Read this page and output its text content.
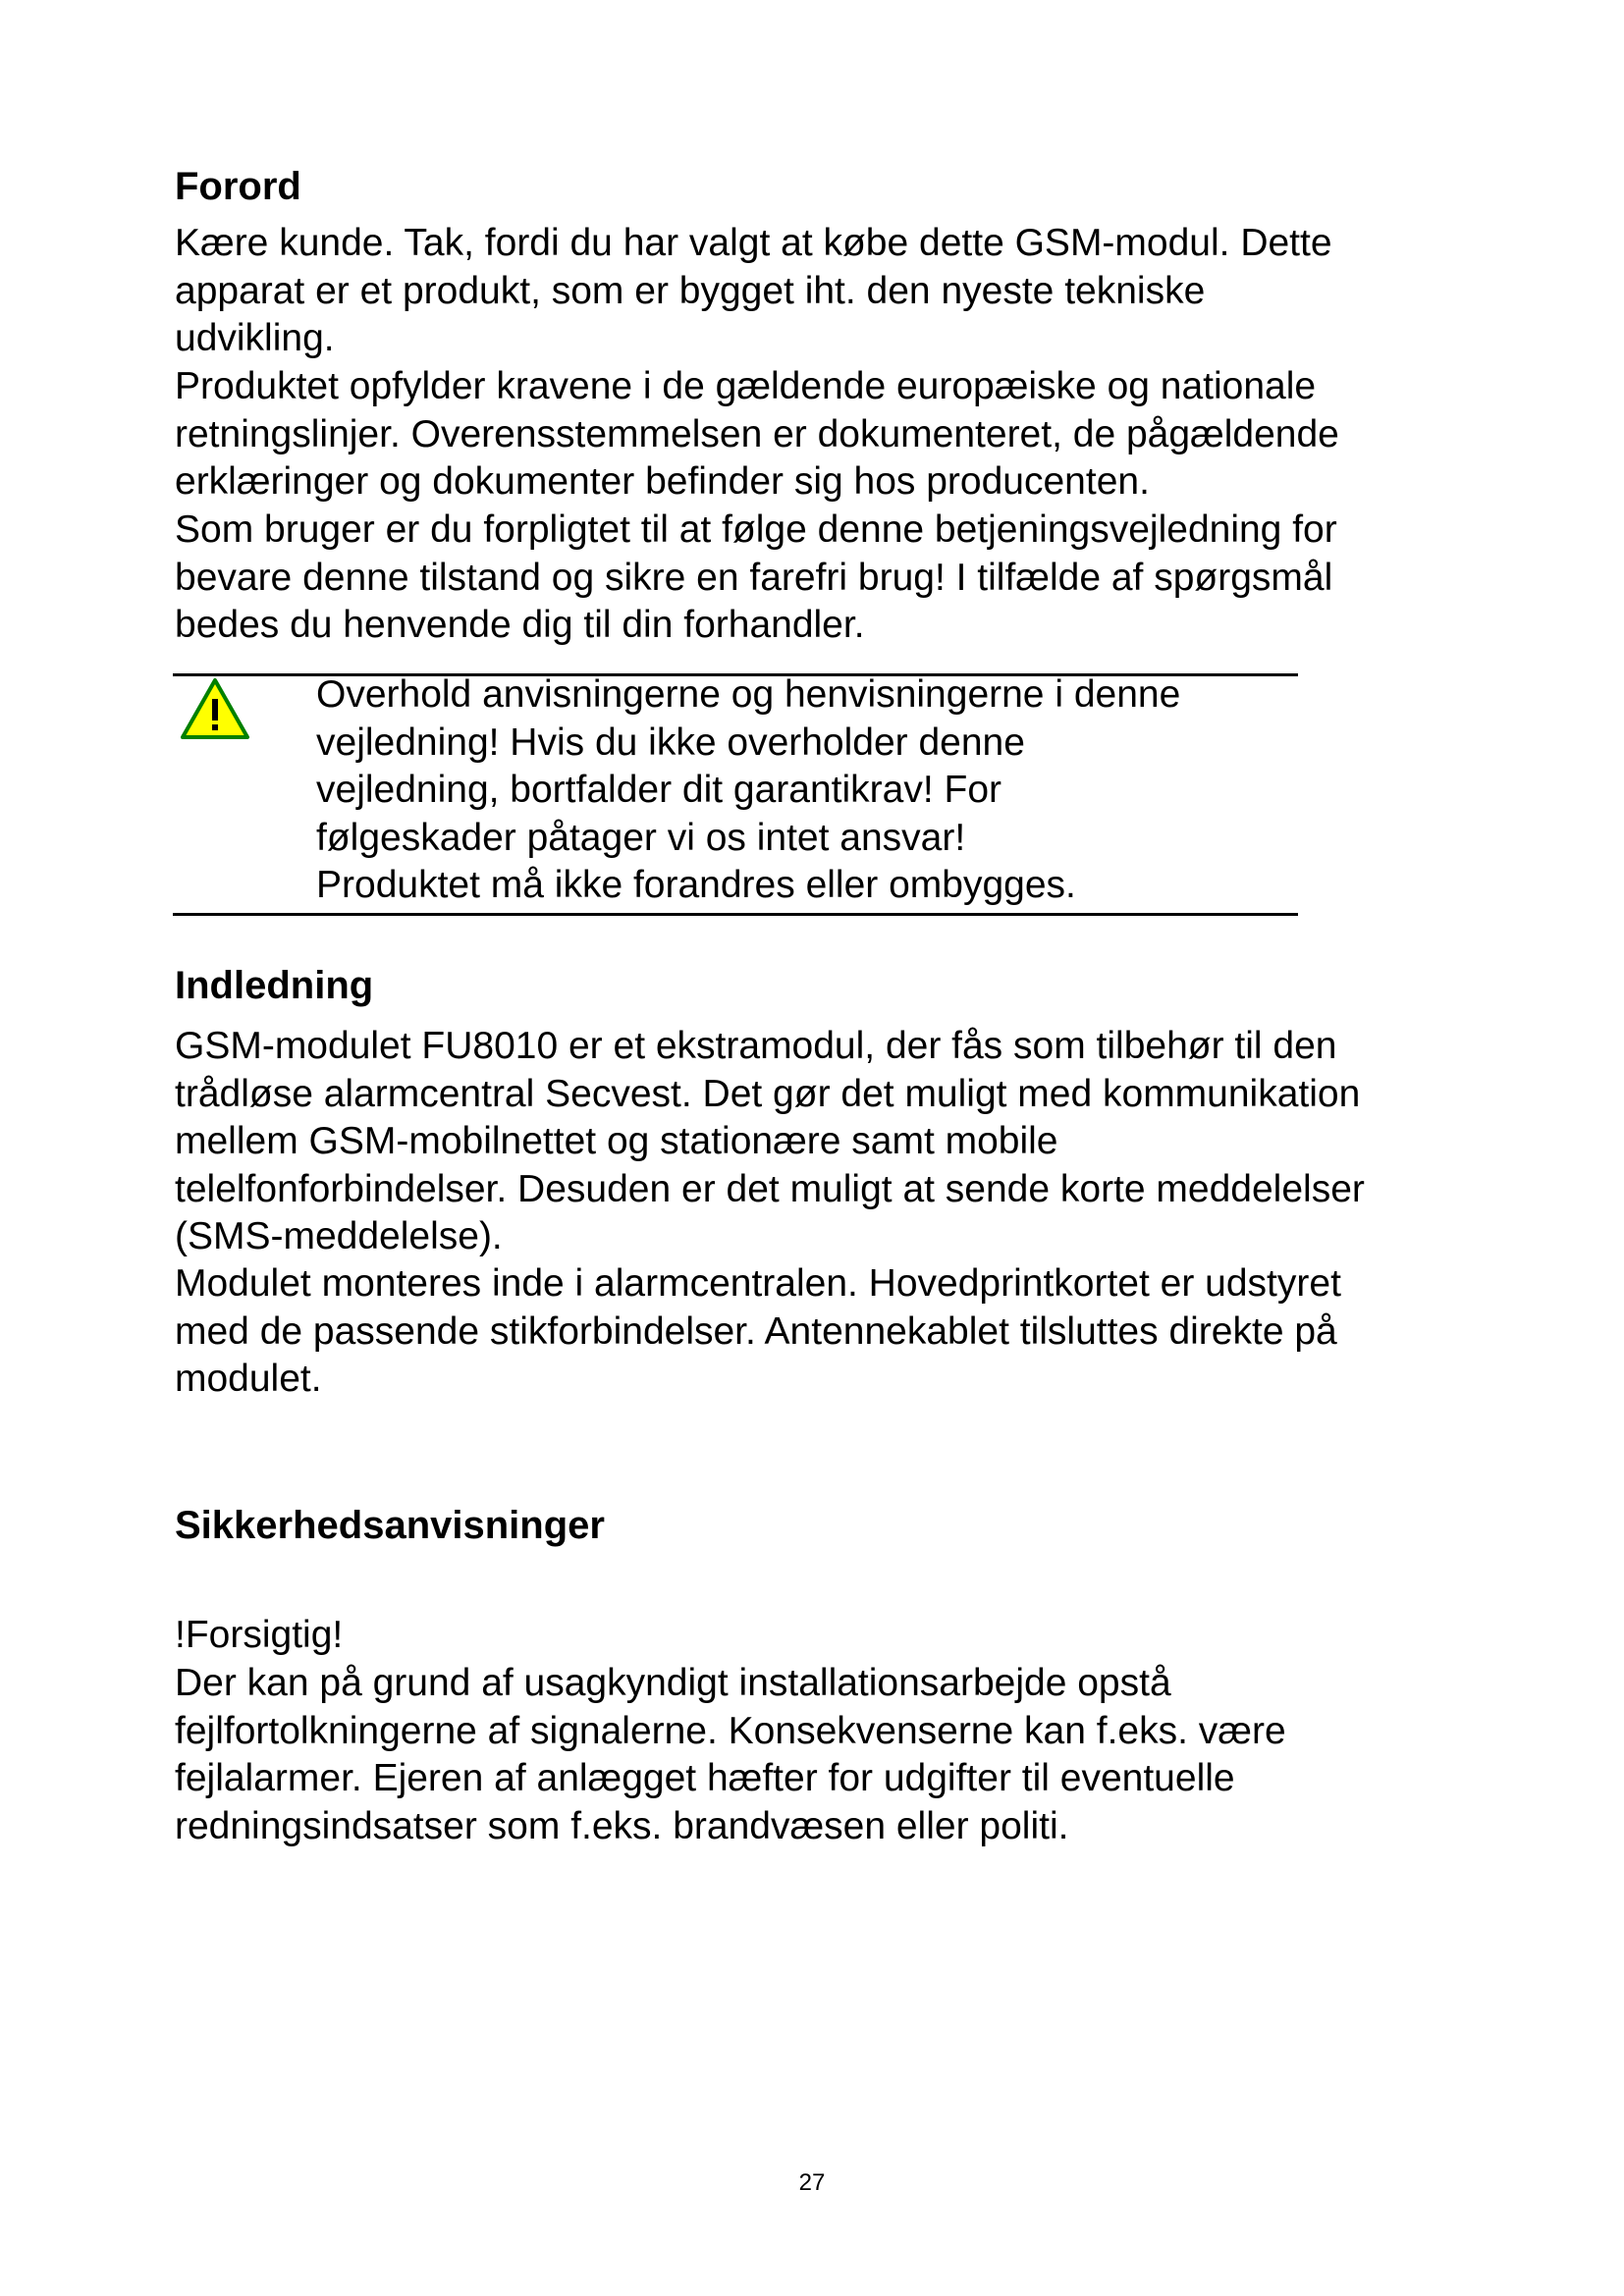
Forord

Kære kunde. Tak, fordi du har valgt at købe dette GSM-modul. Dette
apparat er et produkt, som er bygget iht. den nyeste tekniske
udvikling.

Produktet opfylder kravene i de gældende europæiske og nationale
retningslinjer. Overensstemmelsen er dokumenteret, de pågældende
erklæringer og dokumenter befinder sig hos producenten.

Som bruger er du forpligtet til at følge denne betjeningsvejledning for
bevare denne tilstand og sikre en farefri brug! I tilfælde af spørgsmål
bedes du henvende dig til din forhandler.

Overhold anvisningerne og henvisningerne i denne
vejledning! Hvis du ikke overholder denne
vejledning, bortfalder dit garantikrav! For
følgeskader påtager vi os intet ansvar!
Produktet må ikke forandres eller ombygges.

Indledning

GSM-modulet FU8010 er et ekstramodul, der fås som tilbehør til den
trådløse alarmcentral Secvest. Det gør det muligt med kommunikation
mellem GSM-mobilnettet og stationære samt mobile
telelfonforbindelser. Desuden er det muligt at sende korte meddelelser
(SMS-meddelelse).

Modulet monteres inde i alarmcentralen. Hovedprintkortet er udstyret
med de passende stikforbindelser. Antennekablet tilsluttes direkte på
modulet.

Sikkerhedsanvisninger

!Forsigtig!

Der kan på grund af usagkyndigt installationsarbejde opstå
fejlfortolkningerne af signalerne. Konsekvenserne kan f.eks. være
fejlalarmer. Ejeren af anlægget hæfter for udgifter til eventuelle
redningsindsatser som f.eks. brandvæsen eller politi.

27
